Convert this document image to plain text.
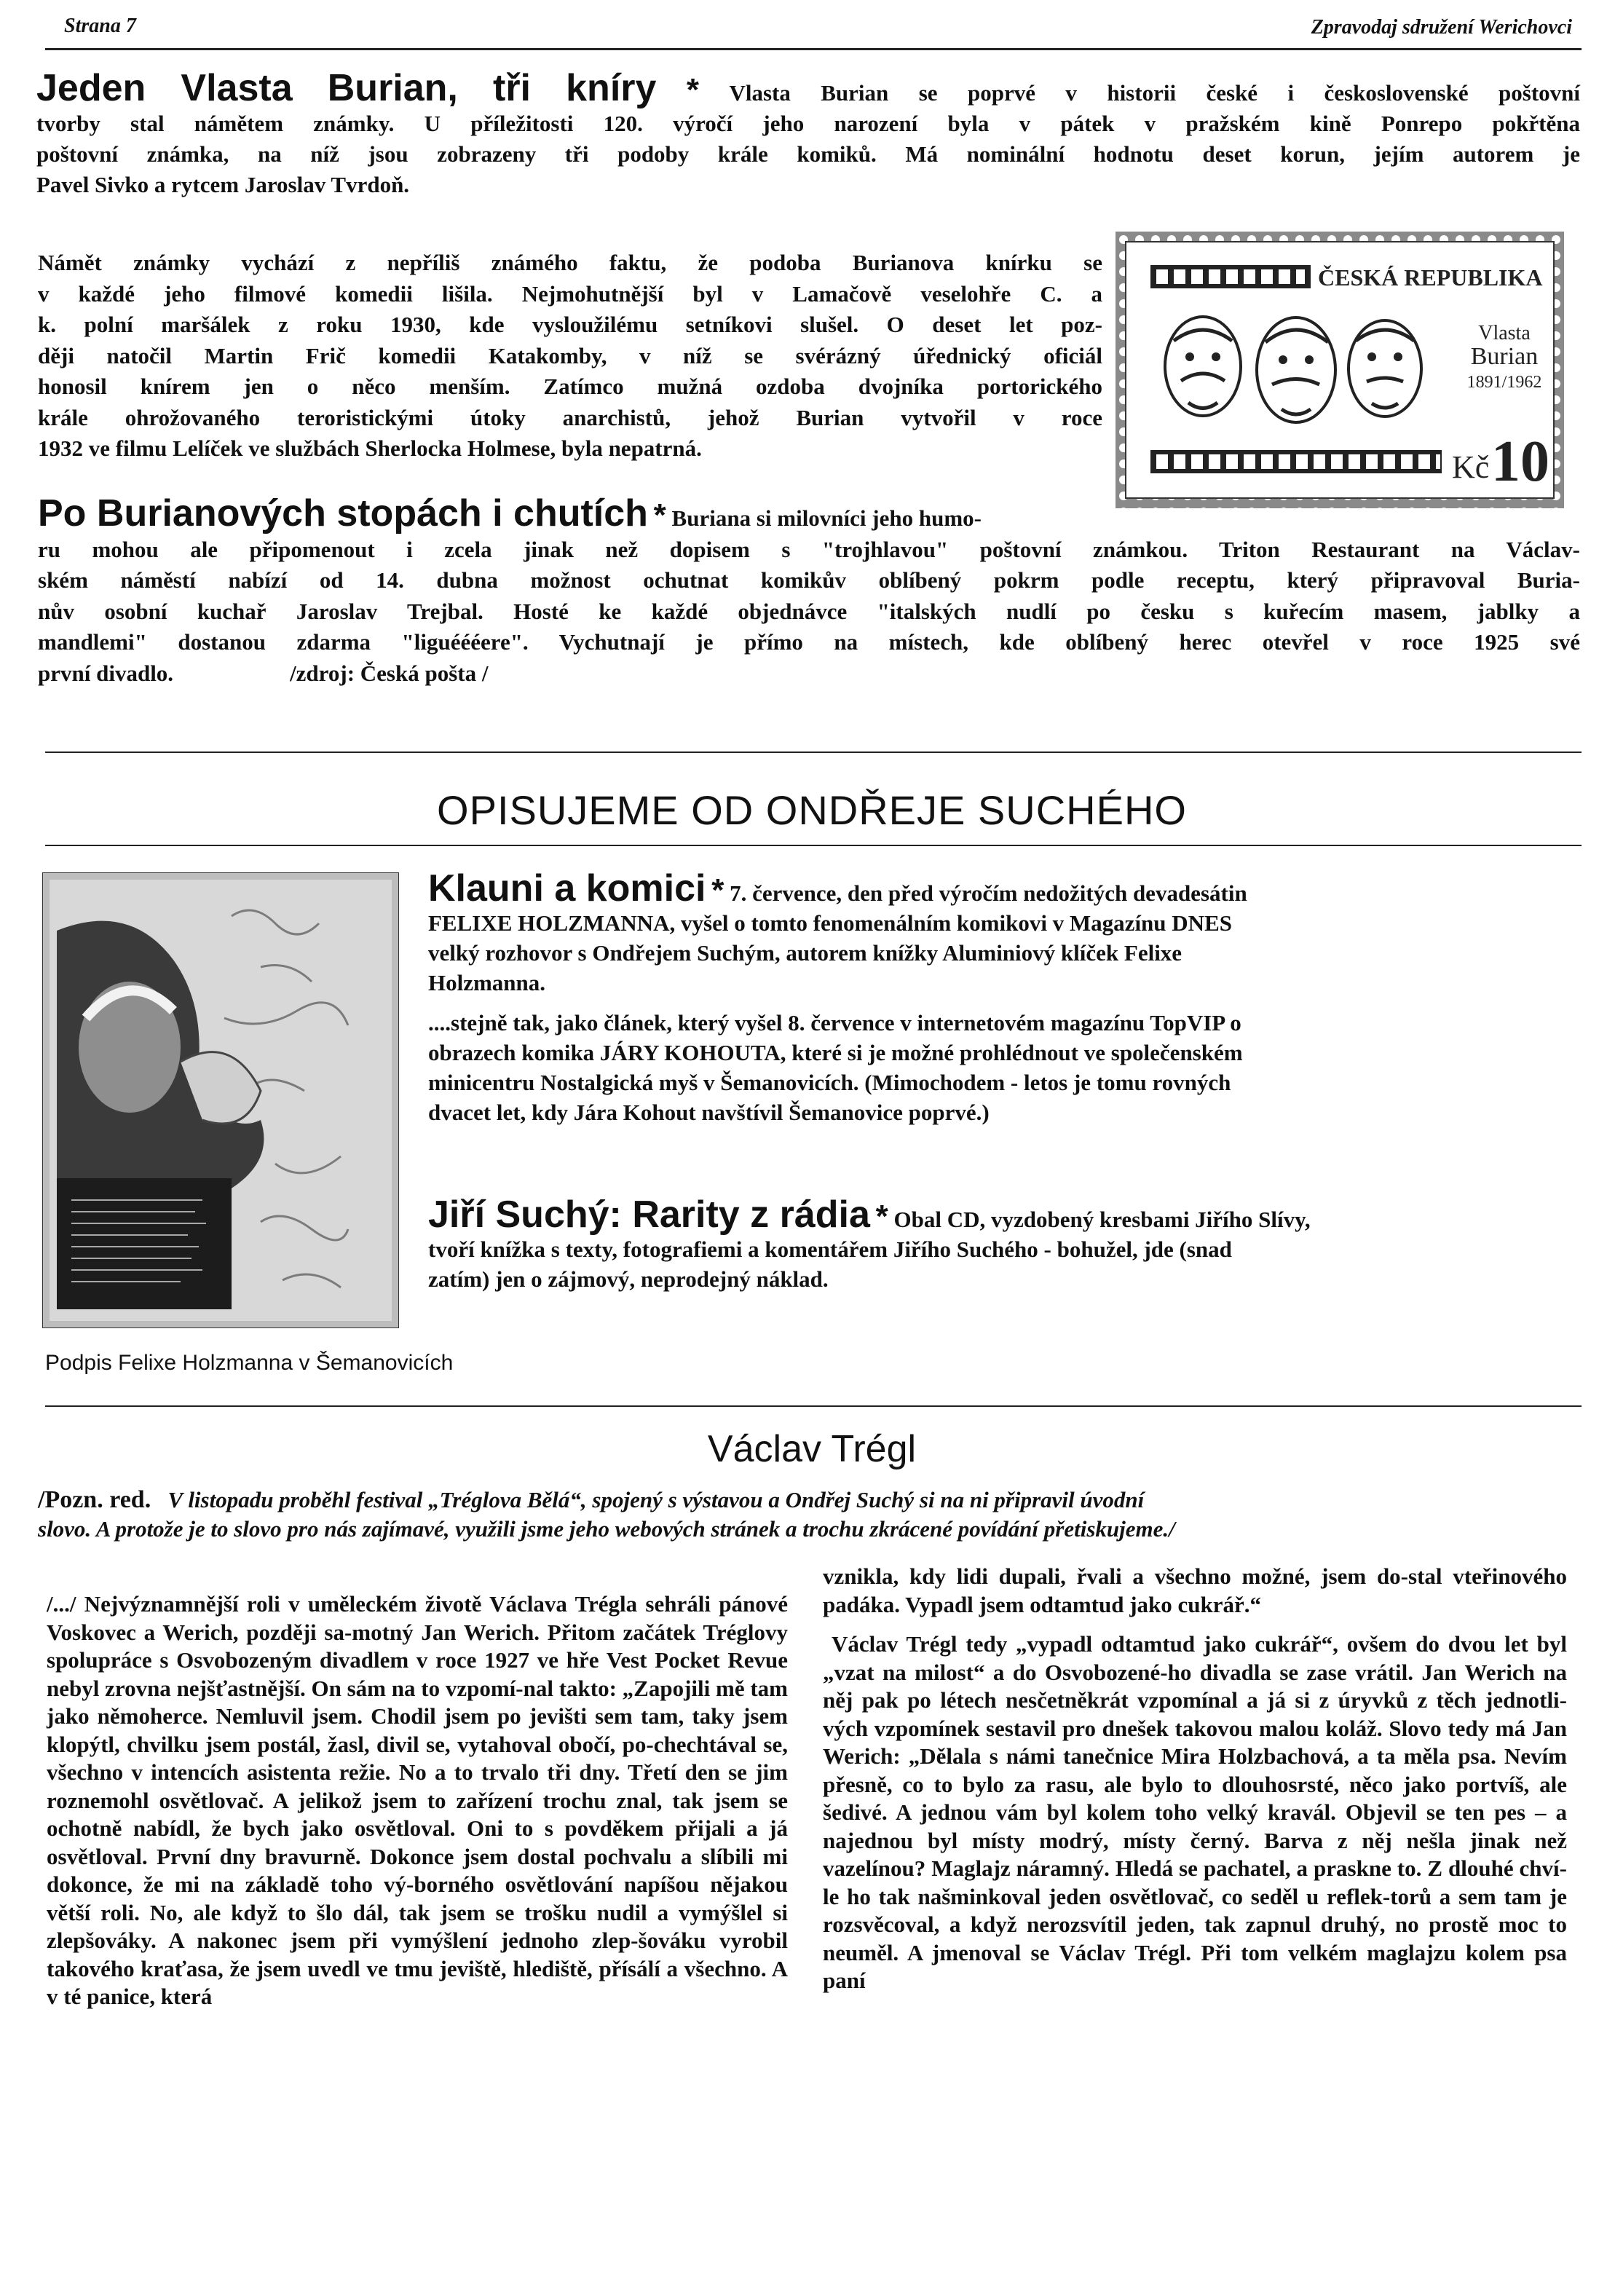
Strana 7	Zpravodaj sdružení Werichovci
Jeden Vlasta Burian, tři kníry * Vlasta Burian se poprvé v historii české i československé poštovní
tvorby stal námětem známky. U příležitosti 120. výročí jeho narození byla v pátek v pražském kině Ponrepo pokřtěna
poštovní známka, na níž jsou zobrazeny tři podoby krále komiků. Má nominální hodnotu deset korun, jejím autorem je
Pavel Sivko a rytcem Jaroslav Tvrdoň.
Námět známky vychází z nepříliš známého faktu, že podoba Burianova knírku se
v každé jeho filmové komedii lišila. Nejmohutnější byl v Lamačově veselohře C. a
k. polní maršálek z roku 1930, kde vysloužilému setníkovi slušel. O deset let poz-
ději natočil Martin Frič komedii Katakomby, v níž se svérázný úřednický oficiál
honosil knírem jen o něco menším. Zatímco mužná ozdoba dvojníka portorického
krále ohrožovaného teroristickými útoky anarchistů, jehož Burian vytvořil v roce
1932 ve filmu Lelíček ve službách Sherlocka Holmese, byla nepatrná.
ČESKÁ REPUBLIKA
Vlasta
Burian
1891/1962
Kč 10
Po Burianových stopách i chutích * Buriana si milovníci jeho humo-
ru mohou ale připomenout i zcela jinak než dopisem s "trojhlavou" poštovní známkou. Triton Restaurant na Václav-
ském náměstí nabízí od 14. dubna možnost ochutnat komikův oblíbený pokrm podle receptu, který připravoval Buria-
nův osobní kuchař Jaroslav Trejbal. Hosté ke každé objednávce "italských nudlí po česku s kuřecím masem, jablky a
mandlemi" dostanou zdarma "liguéééere". Vychutnají je přímo na místech, kde oblíbený herec otevřel v roce 1925 své
první divadlo.	/zdroj: Česká pošta /
OPISUJEME OD ONDŘEJE SUCHÉHO
Podpis Felixe Holzmanna v Šemanovicích
Klauni a komici * 7. července, den před výročím nedožitých devadesátin
FELIXE HOLZMANNA, vyšel o tomto fenomenálním komikovi v Magazínu DNES
velký rozhovor s Ondřejem Suchým, autorem knížky Aluminiový klíček Felixe
Holzmanna.
....stejně tak, jako článek, který vyšel 8. července v internetovém magazínu TopVIP o
obrazech komika JÁRY KOHOUTA, které si je možné prohlédnout ve společenském
minicentru Nostalgická myš v Šemanovicích. (Mimochodem - letos je tomu rovných
dvacet let, kdy Jára Kohout navštívil Šemanovice poprvé.)
Jiří Suchý: Rarity z rádia * Obal CD, vyzdobený kresbami Jiřího Slívy,
tvoří knížka s texty, fotografiemi a komentářem Jiřího Suchého - bohužel, jde (snad
zatím) jen o zájmový, neprodejný náklad.
Václav Trégl
/Pozn. red. V listopadu proběhl festival „Tréglova Bělá“, spojený s výstavou a Ondřej Suchý si na ni připravil úvodní
slovo. A protože je to slovo pro nás zajímavé, využili jsme jeho webových stránek a trochu zkrácené povídání přetiskujeme./

/.../ Nejvýznamnější roli v uměleckém životě Václava Trégla sehráli pánové Voskovec a Werich, později sa-motný Jan Werich. Přitom začátek Tréglovy spolupráce s Osvobozeným divadlem v roce 1927 ve hře Vest Pocket Revue nebyl zrovna nejšťastnější. On sám na to vzpomí-nal takto: „Zapojili mě tam jako němoherce. Nemluvil jsem. Chodil jsem po jevišti sem tam, taky jsem klopýtl, chvilku jsem postál, žasl, divil se, vytahoval obočí, po-chechtával se, všechno v intencích asistenta režie. No a to trvalo tři dny. Třetí den se jim roznemohl osvětlovač. A jelikož jsem to zařízení trochu znal, tak jsem se ochotně nabídl, že bych jako osvětloval. Oni to s povděkem přijali a já osvětloval. První dny bravurně. Dokonce jsem dostal pochvalu a slíbili mi dokonce, že mi na základě toho vý-borného osvětlování napíšou nějakou větší roli. No, ale když to šlo dál, tak jsem se trošku nudil a vymýšlel si zlepšováky. A nakonec jsem při vymýšlení jednoho zlep-šováku vyrobil takového kraťasa, že jsem uvedl ve tmu jeviště, hlediště, přísálí a všechno. A v té panice, která

vznikla, kdy lidi dupali, řvali a všechno možné, jsem do-stal vteřinového padáka. Vypadl jsem odtamtud jako cukrář.“

Václav Trégl tedy „vypadl odtamtud jako cukrář“, ovšem do dvou let byl „vzat na milost“ a do Osvobozené-ho divadla se zase vrátil. Jan Werich na něj pak po létech nesčetněkrát vzpomínal a já si z úryvků z těch jednotli-vých vzpomínek sestavil pro dnešek takovou malou koláž. Slovo tedy má Jan Werich: „Dělala s námi tanečnice Mira Holzbachová, a ta měla psa. Nevím přesně, co to bylo za rasu, ale bylo to dlouhosrsté, něco jako portvíš, ale šedivé. A jednou vám byl kolem toho velký kravál. Objevil se ten pes – a najednou byl místy modrý, místy černý. Barva z něj nešla jinak než vazelínou? Maglajz náramný. Hledá se pachatel, a praskne to. Z dlouhé chví-le ho tak našminkoval jeden osvětlovač, co seděl u reflek-torů a sem tam je rozsvěcoval, a když nerozsvítil jeden, tak zapnul druhý, no prostě moc to neuměl. A jmenoval se Václav Trégl. Při tom velkém maglajzu kolem psa paní
